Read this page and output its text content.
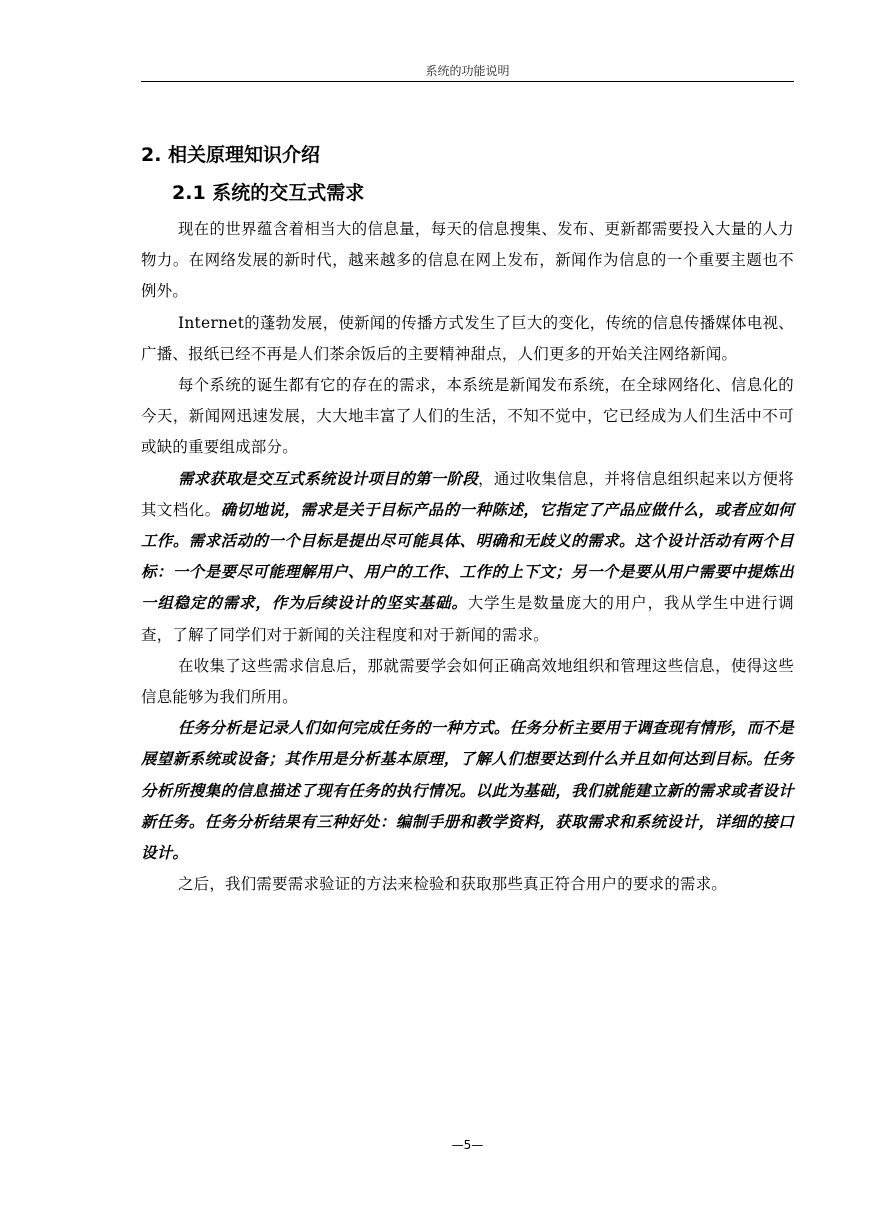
系统的功能说明
2. 相关原理知识介绍
2.1 系统的交互式需求

现在的世界蕴含着相当大的信息量，每天的信息搜集、发布、更新都需要投入大量的人力物力。在网络发展的新时代，越来越多的信息在网上发布，新闻作为信息的一个重要主题也不例外。

Internet的蓬勃发展，使新闻的传播方式发生了巨大的变化，传统的信息传播媒体电视、广播、报纸已经不再是人们茶余饭后的主要精神甜点，人们更多的开始关注网络新闻。

每个系统的诞生都有它的存在的需求，本系统是新闻发布系统，在全球网络化、信息化的今天，新闻网迅速发展，大大地丰富了人们的生活，不知不觉中，它已经成为人们生活中不可或缺的重要组成部分。

需求获取是交互式系统设计项目的第一阶段，通过收集信息，并将信息组织起来以方便将其文档化。确切地说，需求是关于目标产品的一种陈述，它指定了产品应做什么，或者应如何工作。需求活动的一个目标是提出尽可能具体、明确和无歧义的需求。这个设计活动有两个目标：一个是要尽可能理解用户、用户的工作、工作的上下文；另一个是要从用户需要中提炼出一组稳定的需求，作为后续设计的坚实基础。大学生是数量庞大的用户，我从学生中进行调查，了解了同学们对于新闻的关注程度和对于新闻的需求。

在收集了这些需求信息后，那就需要学会如何正确高效地组织和管理这些信息，使得这些信息能够为我们所用。

任务分析是记录人们如何完成任务的一种方式。任务分析主要用于调查现有情形，而不是展望新系统或设备；其作用是分析基本原理，了解人们想要达到什么并且如何达到目标。任务分析所搜集的信息描述了现有任务的执行情况。以此为基础，我们就能建立新的需求或者设计新任务。任务分析结果有三种好处：编制手册和教学资料，获取需求和系统设计，详细的接口设计。

之后，我们需要需求验证的方法来检验和获取那些真正符合用户的要求的需求。

—5—
